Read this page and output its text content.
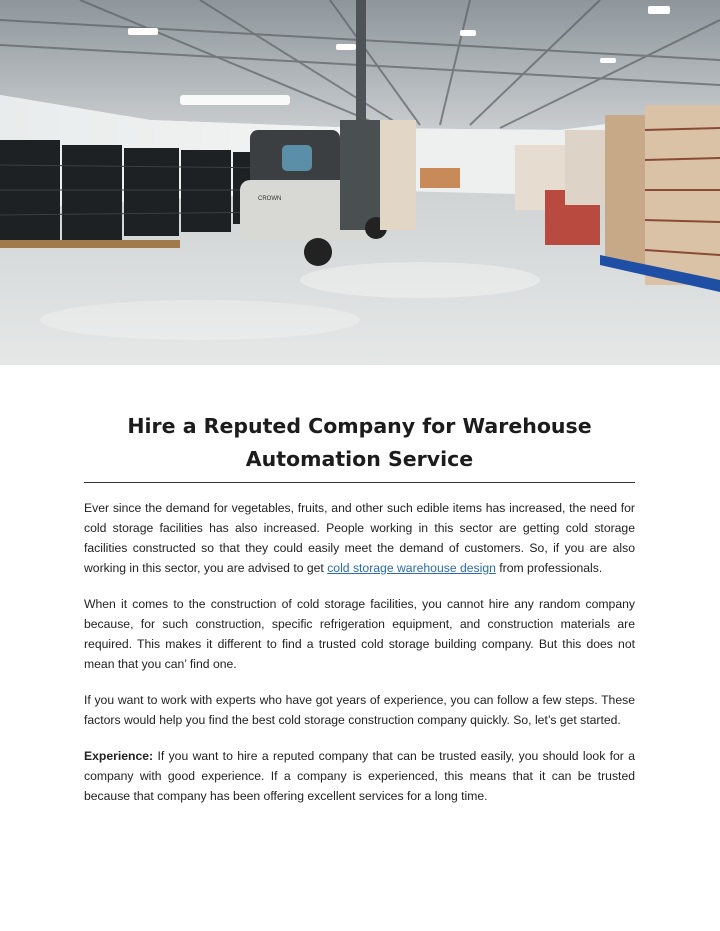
CROWN
Hire a Reputed Company for Warehouse Automation Service

Ever since the demand for vegetables, fruits, and other such edible items has increased, the need for cold storage facilities has also increased. People working in this sector are getting cold storage facilities constructed so that they could easily meet the demand of customers. So, if you are also working in this sector, you are advised to get cold storage warehouse design from professionals.

When it comes to the construction of cold storage facilities, you cannot hire any random company because, for such construction, specific refrigeration equipment, and construction materials are required. This makes it different to find a trusted cold storage building company. But this does not mean that you can’ find one.

If you want to work with experts who have got years of experience, you can follow a few steps. These factors would help you find the best cold storage construction company quickly. So, let’s get started.

Experience: If you want to hire a reputed company that can be trusted easily, you should look for a company with good experience. If a company is experienced, this means that it can be trusted because that company has been offering excellent services for a long time.
